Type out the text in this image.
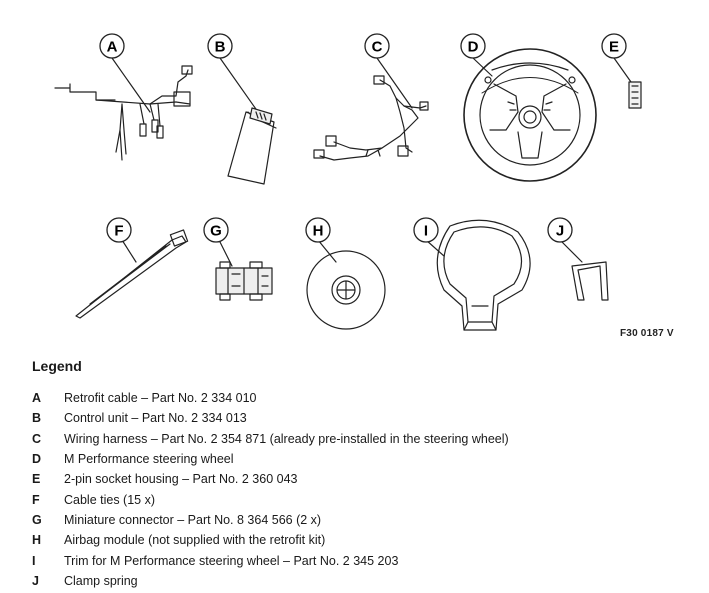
A	B	C	D	E
F	G	H	I	J
F30 0187 V
Legend
A	Retrofit cable – Part No. 2 334 010
B	Control unit – Part No. 2 334 013
C	Wiring harness – Part No. 2 354 871 (already pre-installed in the steering wheel)
D	M Performance steering wheel
E	2-pin socket housing – Part No. 2 360 043
F	Cable ties (15 x)
G	Miniature connector – Part No. 8 364 566 (2 x)
H	Airbag module (not supplied with the retrofit kit)
I	Trim for M Performance steering wheel – Part No. 2 345 203
J	Clamp spring
